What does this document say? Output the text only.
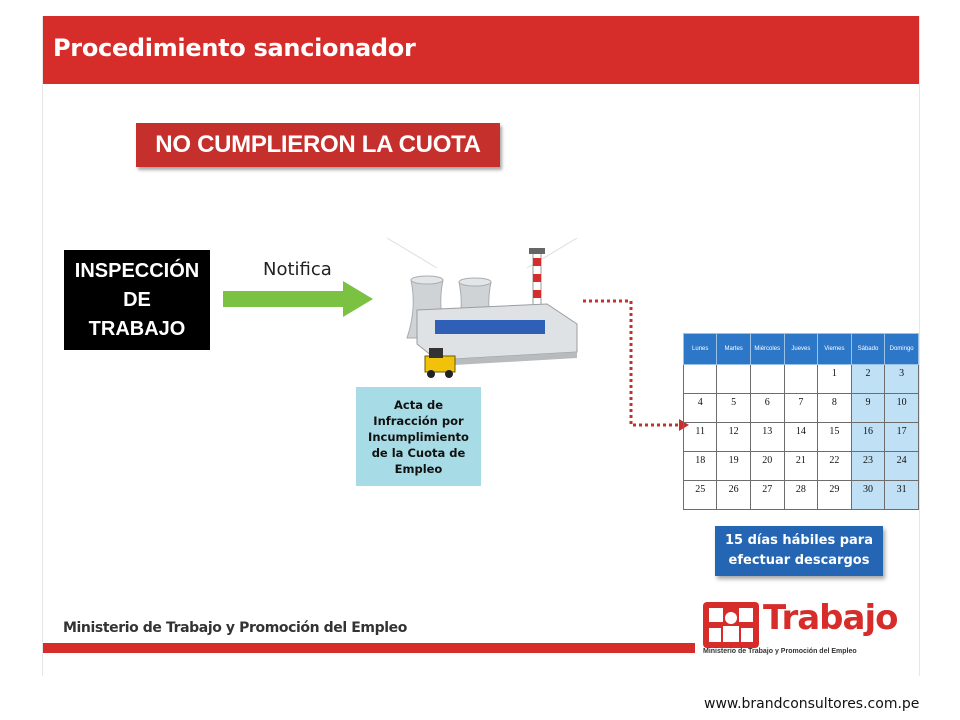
Procedimiento sancionador
NO CUMPLIERON LA CUOTA
INSPECCIÓN
DE
TRABAJO
Notifica
Acta de
Infracción por
Incumplimiento
de la Cuota de
Empleo
Lunes	Martes	Miércoles	Jueves	Viernes	Sábado	Domingo
				1	2	3
4	5	6	7	8	9	10
11	12	13	14	15	16	17
18	19	20	21	22	23	24
25	26	27	28	29	30	31
15 días hábiles para
efectuar descargos
Ministerio de Trabajo y Promoción del Empleo	Trabajo
Ministerio de Trabajo y Promoción del Empleo
www.brandconsultores.com.pe
